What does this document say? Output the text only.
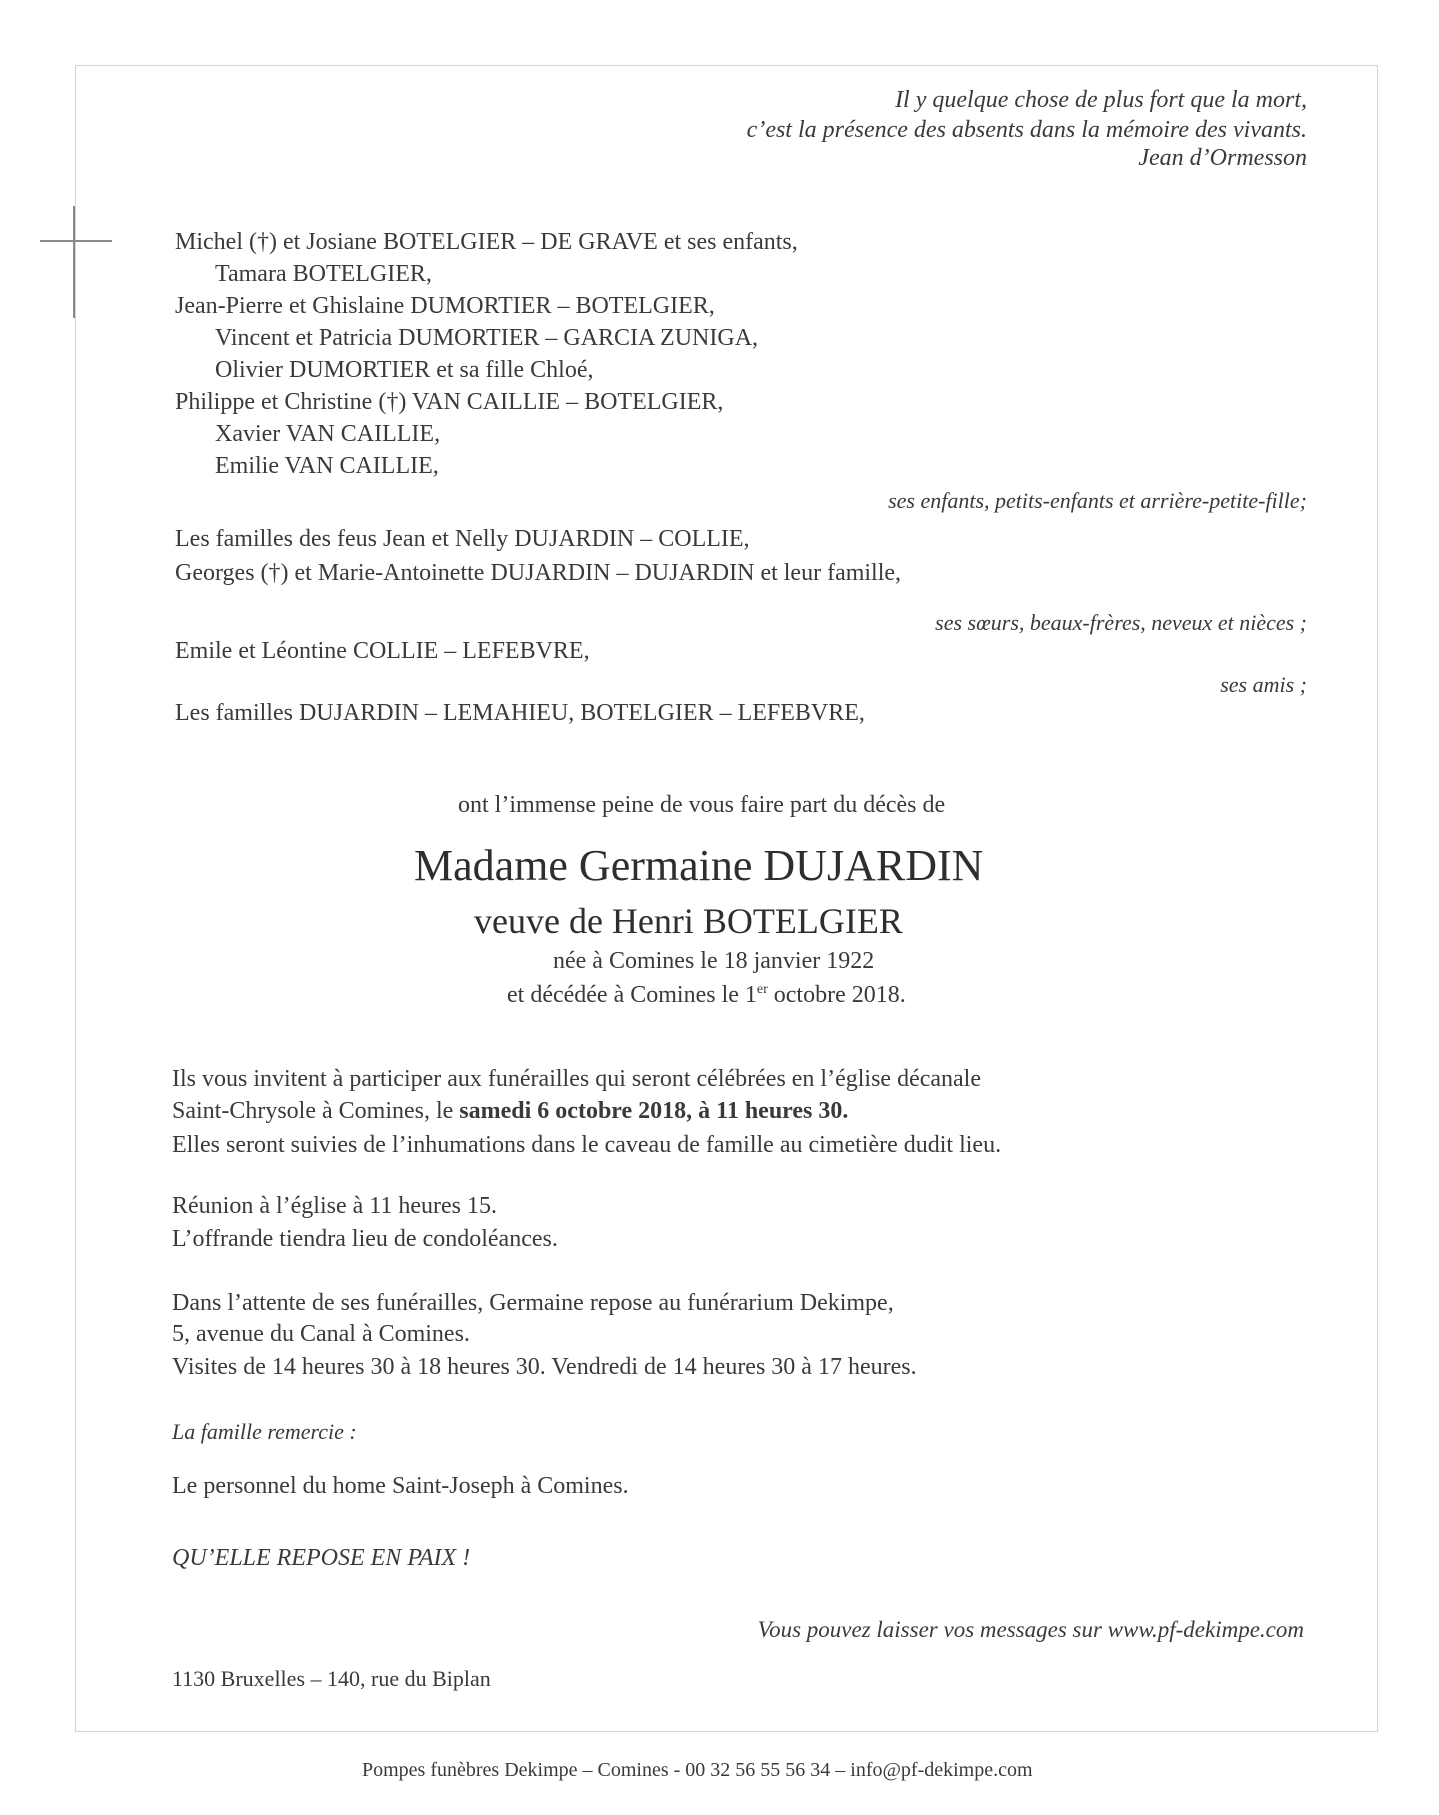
Il y quelque chose de plus fort que la mort,
c’est la présence des absents dans la mémoire des vivants.
Jean d’Ormesson
Michel (†) et Josiane BOTELGIER – DE GRAVE et ses enfants,
Tamara BOTELGIER,
Jean-Pierre et Ghislaine DUMORTIER – BOTELGIER,
Vincent et Patricia DUMORTIER – GARCIA ZUNIGA,
Olivier DUMORTIER et sa fille Chloé,
Philippe et Christine (†) VAN CAILLIE – BOTELGIER,
Xavier VAN CAILLIE,
Emilie VAN CAILLIE,
ses enfants, petits-enfants et arrière-petite-fille;
Les familles des feus Jean et Nelly DUJARDIN – COLLIE,
Georges (†) et Marie-Antoinette DUJARDIN – DUJARDIN et leur famille,
ses sœurs, beaux-frères, neveux et nièces ;
Emile et Léontine COLLIE – LEFEBVRE,
ses amis ;
Les familles DUJARDIN – LEMAHIEU, BOTELGIER – LEFEBVRE,
ont l’immense peine de vous faire part du décès de
Madame Germaine DUJARDIN
veuve de Henri BOTELGIER
née à Comines le 18 janvier 1922
et décédée à Comines le 1er octobre 2018.
Ils vous invitent à participer aux funérailles qui seront célébrées en l’église décanale
Saint-Chrysole à Comines, le samedi 6 octobre 2018, à 11 heures 30.
Elles seront suivies de l’inhumations dans le caveau de famille au cimetière dudit lieu.
Réunion à l’église à 11 heures 15.
L’offrande tiendra lieu de condoléances.
Dans l’attente de ses funérailles, Germaine repose au funérarium Dekimpe,
5, avenue du Canal à Comines.
Visites de 14 heures 30 à 18 heures 30. Vendredi de 14 heures 30 à 17 heures.
La famille remercie :
Le personnel du home Saint-Joseph à Comines.
QU’ELLE REPOSE EN PAIX !
Vous pouvez laisser vos messages sur www.pf-dekimpe.com
1130 Bruxelles – 140, rue du Biplan
Pompes funèbres Dekimpe – Comines - 00 32 56 55 56 34 – info@pf-dekimpe.com
